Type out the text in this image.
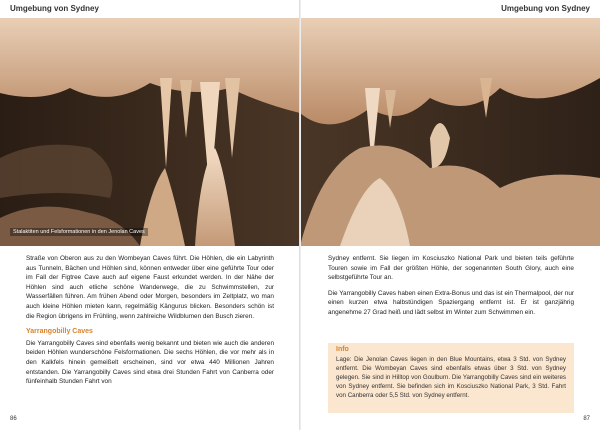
Umgebung von Sydney
86
Umgebung von Sydney
87
Stalaktiten und Felsformationen in den Jenolan Caves

Straße von Oberon aus zu den Wombeyan Caves führt. Die Höhlen, die ein Labyrinth aus Tunneln, Bächen und Höhlen sind, können entweder über eine geführte Tour oder im Fall der Figtree Cave auch auf eigene Faust erkundet werden. In der Nähe der Höhlen sind auch etliche schöne Wanderwege, die zu Schwimmstellen, zur Wasserfällen führen. Am frühen Abend oder Morgen, besonders im Zeltplatz, wo man auch kleine Höhlen mieten kann, regelmäßig Kängurus blicken. Besonders schön ist die Region übrigens im Frühling, wenn zahlreiche Wildblumen den Busch zieren.

Yarrangobilly Caves

Die Yarrangobilly Caves sind ebenfalls wenig bekannt und bieten wie auch die anderen beiden Höhlen wunderschöne Felsformationen. Die sechs Höhlen, die vor mehr als in den Kalkfels hinein gemeißelt erscheinen, sind vor etwa 440 Millionen Jahren entstanden. Die Yarrangobilly Caves sind etwa drei Stunden Fahrt von Canberra oder fünfeinhalb Stunden Fahrt von

Sydney entfernt. Sie liegen im Kosciuszko National Park und bieten teils geführte Touren sowie im Fall der größten Höhle, der sogenannten South Glory, auch eine selbstgeführte Tour an.

Die Yarrangobilly Caves haben einen Extra-Bonus und das ist ein Thermalpool, der nur einen kurzen etwa halbstündigen Spaziergang entfernt ist. Er ist ganzjährig angenehme 27 Grad heiß und lädt selbst im Winter zum Schwimmen ein.

Info
Lage: Die Jenolan Caves liegen in den Blue Mountains, etwa 3 Std. von Sydney entfernt. Die Wombeyan Caves sind ebenfalls etwas über 3 Std. von Sydney gelegen. Sie sind in Hilltop von Goulburn. Die Yarrangobilly Caves sind ein weiteres von Sydney entfernt. Sie befinden sich im Kosciuszko National Park, 3 Std. Fahrt von Canberra oder 5,5 Std. von Sydney entfernt.
